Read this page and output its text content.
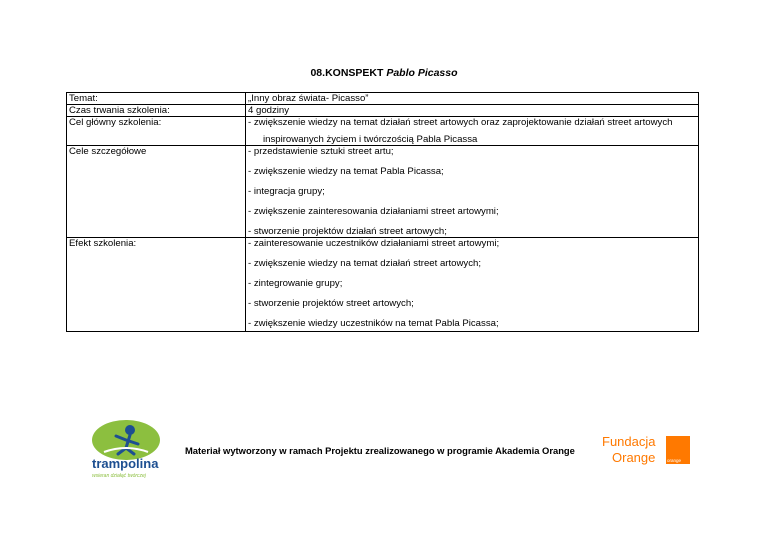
08.KONSPEKT Pablo Picasso
Temat:	„Inny obraz świata- Picasso”
Czas trwania szkolenia:	4 godziny
Cel główny szkolenia:	- zwiększenie wiedzy na temat działań street artowych oraz zaprojektowanie działań street artowych
inspirowanych życiem i twórczością Pabla Picassa

Cele szczegółowe	- przedstawienie sztuki street artu;
- zwiększenie wiedzy na temat Pabla Picassa;
- integracja grupy;
- zwiększenie zainteresowania działaniami street artowymi;
- stworzenie projektów działań street artowych;

Efekt szkolenia:	- zainteresowanie uczestników działaniami street artowymi;
- zwiększenie wiedzy na temat działań street artowych;
- zintegrowanie grupy;
- stworzenie projektów street artowych;
- zwiększenie wiedzy uczestników na temat Pabla Picassa;
trampolina
wsieran działąć twórczej
Materiał wytworzony w ramach Projektu zrealizowanego w programie Akademia Orange
Fundacja
Orange	orange
